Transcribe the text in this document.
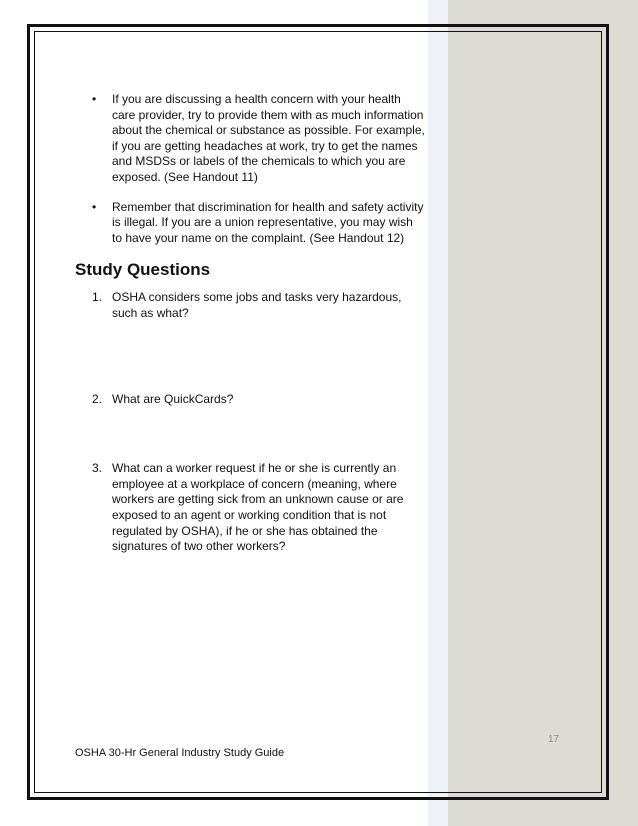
• If you are discussing a health concern with your health care provider, try to provide them with as much information about the chemical or substance as possible. For example, if you are getting headaches at work, try to get the names and MSDSs or labels of the chemicals to which you are exposed. (See Handout 11)
• Remember that discrimination for health and safety activity is illegal. If you are a union representative, you may wish to have your name on the complaint. (See Handout 12)
Study Questions
1. OSHA considers some jobs and tasks very hazardous, such as what?
2. What are QuickCards?
3. What can a worker request if he or she is currently an employee at a workplace of concern (meaning, where workers are getting sick from an unknown cause or are exposed to an agent or working condition that is not regulated by OSHA), if he or she has obtained the signatures of two other workers?
17
OSHA 30-Hr General Industry Study Guide
